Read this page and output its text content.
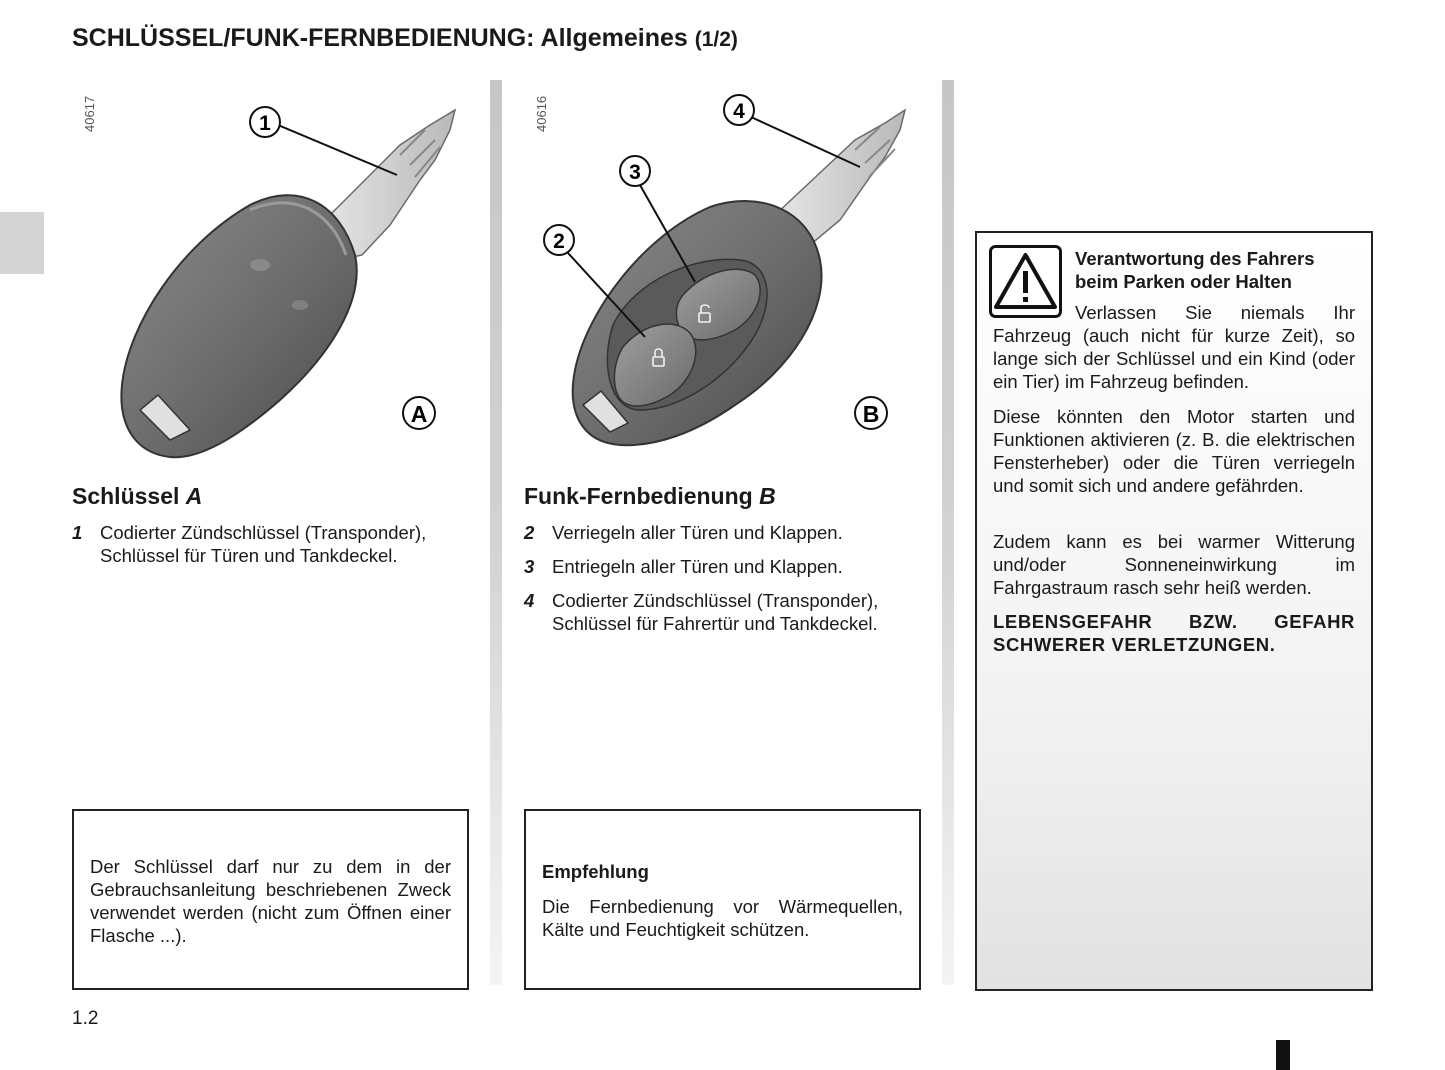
SCHLÜSSEL/FUNK-FERNBEDIENUNG: Allgemeines (1/2)
40617	1
A
40616	4
3
2
B
Schlüssel A
1 Codierter Zündschlüssel (Transponder), Schlüssel für Türen und Tankdeckel.
Der Schlüssel darf nur zu dem in der Gebrauchsanleitung beschriebenen Zweck verwendet werden (nicht zum Öffnen einer Flasche ...).
Funk-Fernbedienung B
2 Verriegeln aller Türen und Klappen.
3 Entriegeln aller Türen und Klappen.
4 Codierter Zündschlüssel (Transponder), Schlüssel für Fahrertür und Tankdeckel.
Empfehlung
Die Fernbedienung vor Wärmequellen, Kälte und Feuchtigkeit schützen.
Verantwortung des Fahrers beim Parken oder Halten
Verlassen Sie niemals Ihr Fahrzeug (auch nicht für kurze Zeit), so lange sich der Schlüssel und ein Kind (oder ein Tier) im Fahrzeug befinden.
Diese könnten den Motor starten und Funktionen aktivieren (z. B. die elektrischen Fensterheber) oder die Türen verriegeln und somit sich und andere gefährden.
Zudem kann es bei warmer Witterung und/oder Sonneneinwirkung im Fahrgastraum rasch sehr heiß werden.
LEBENSGEFAHR BZW. GEFAHR SCHWERER VERLETZUNGEN.
1.2
